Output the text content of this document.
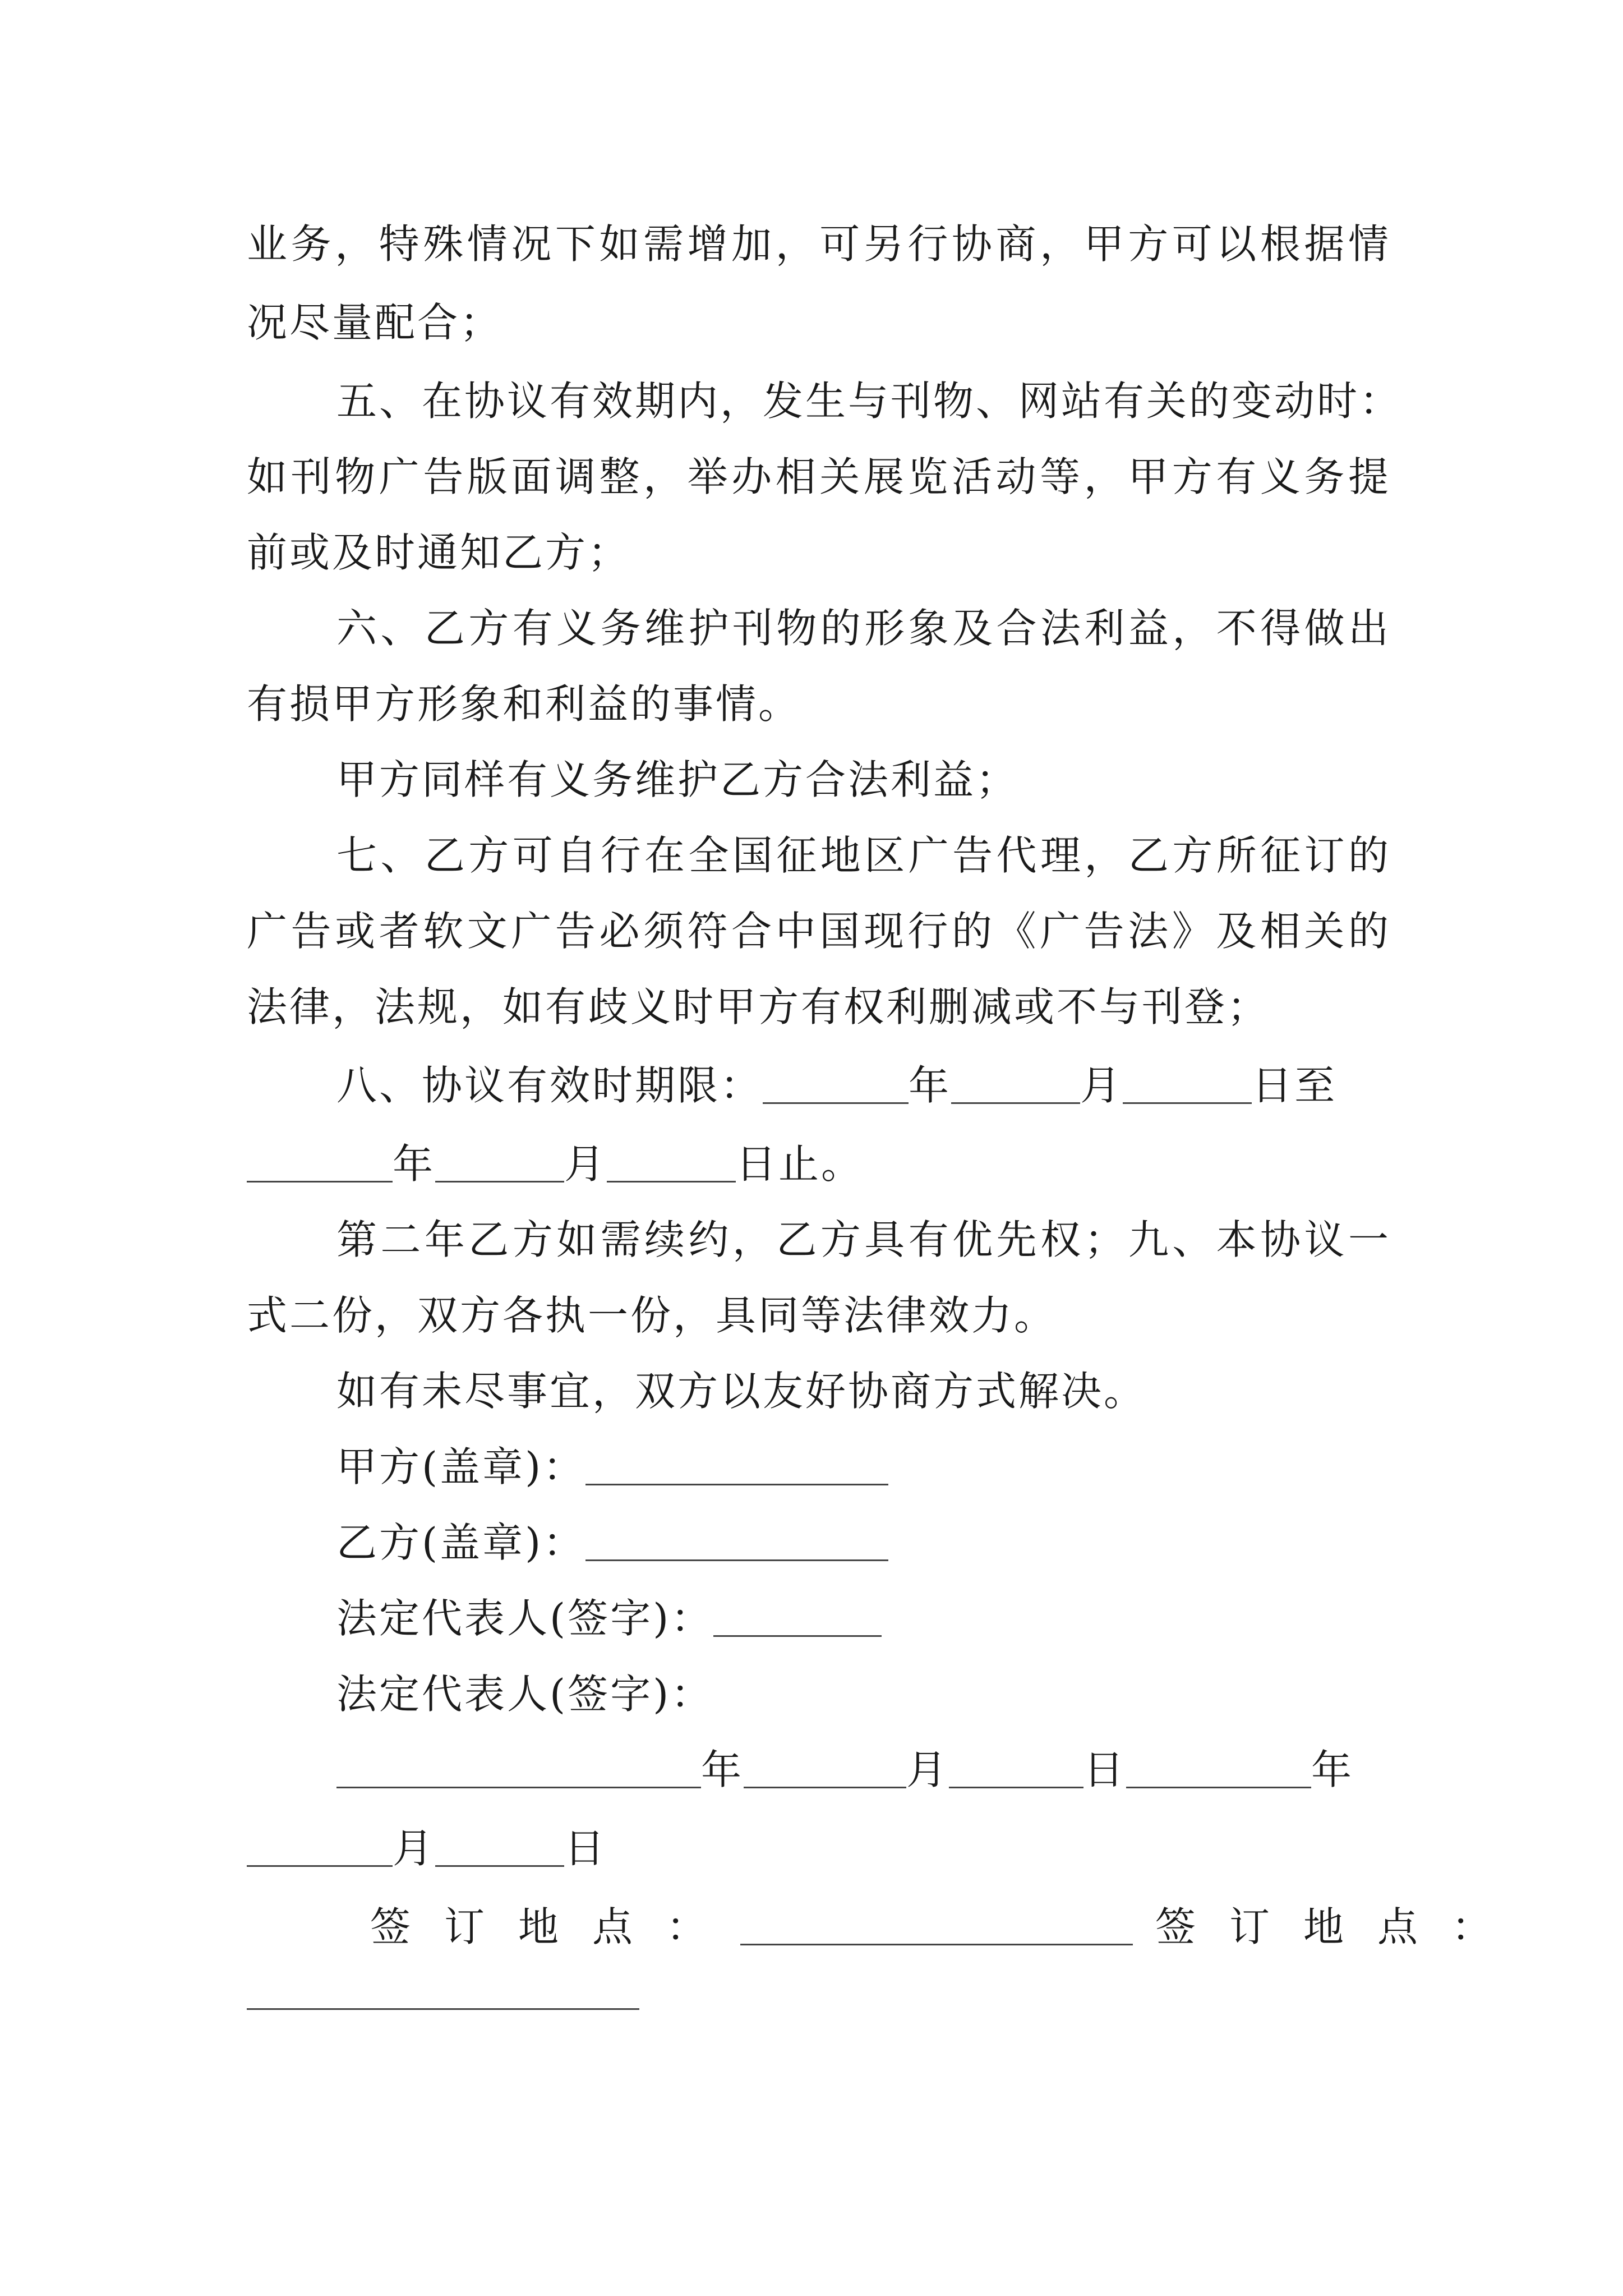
业务，特殊情况下如需增加，可另行协商，甲方可以根据情
况尽量配合；
五、在协议有效期内，发生与刊物、网站有关的变动时：
如刊物广告版面调整，举办相关展览活动等，甲方有义务提
前或及时通知乙方；
六、乙方有义务维护刊物的形象及合法利益，不得做出
有损甲方形象和利益的事情。
甲方同样有义务维护乙方合法利益；
七、乙方可自行在全国征地区广告代理，乙方所征订的
广告或者软文广告必须符合中国现行的《广告法》及相关的
法律，法规，如有歧义时甲方有权利删减或不与刊登；
八、协议有效时期限：	年	月	日至
年	月	日止。
第二年乙方如需续约，乙方具有优先权；九、本协议一
式二份，双方各执一份，具同等法律效力。
如有未尽事宜，双方以友好协商方式解决。
甲方(盖章)：
乙方(盖章)：
法定代表人(签字)：
法定代表人(签字)：
年	月	日	年
月	日
签订地点：	签订地点：
